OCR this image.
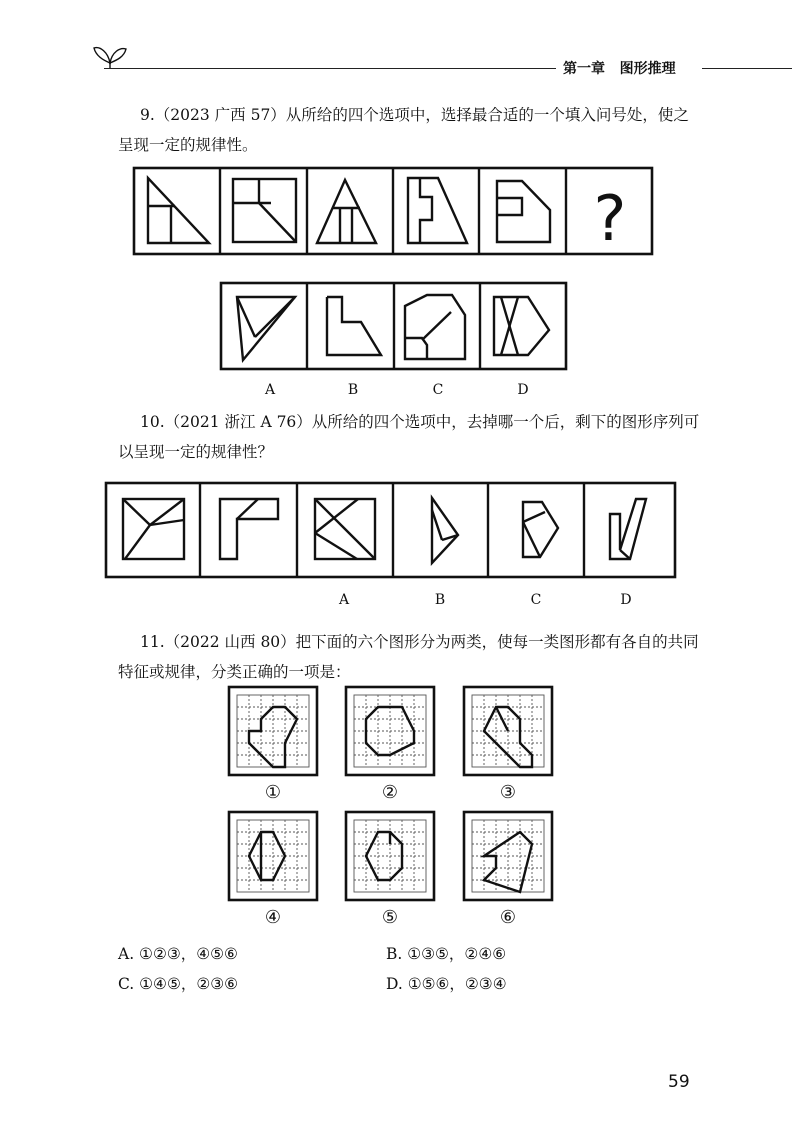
第一章 图形推理
9.（2023 广西 57）从所给的四个选项中，选择最合适的一个填入问号处，使之
呈现一定的规律性。
?
A	B	C	D
10.（2021 浙江 A 76）从所给的四个选项中，去掉哪一个后，剩下的图形序列可
以呈现一定的规律性？
A	B	C	D
11.（2022 山西 80）把下面的六个图形分为两类，使每一类图形都有各自的共同
特征或规律，分类正确的一项是：
①	②	③
④	⑤	⑥
A. ①②③，④⑤⑥	B. ①③⑤，②④⑥
C. ①④⑤，②③⑥	D. ①⑤⑥，②③④
59
